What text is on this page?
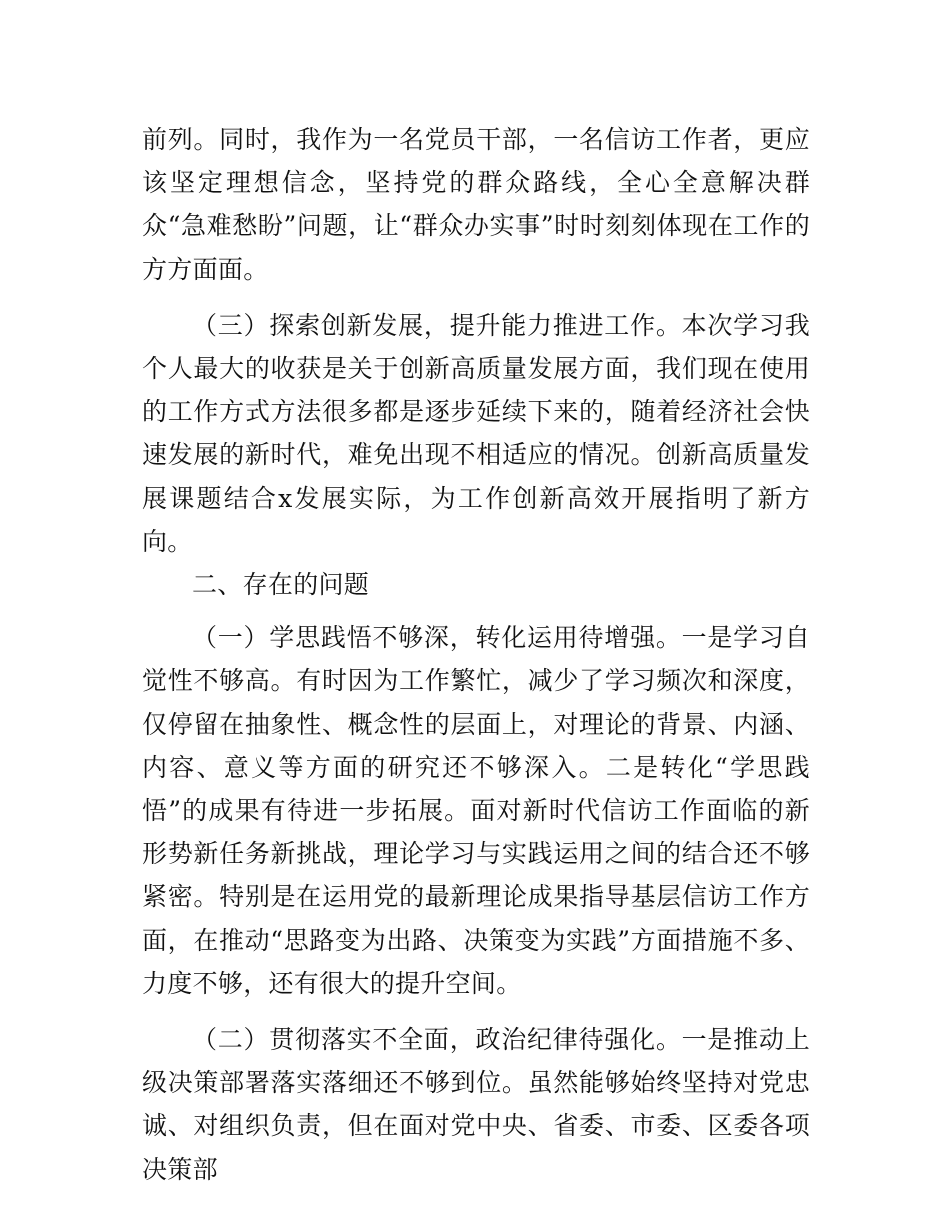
前列。同时，我作为一名党员干部，一名信访工作者，更应该坚定理想信念，坚持党的群众路线，全心全意解决群众“急难愁盼”问题，让“群众办实事”时时刻刻体现在工作的方方面面。

（三）探索创新发展，提升能力推进工作。本次学习我个人最大的收获是关于创新高质量发展方面，我们现在使用的工作方式方法很多都是逐步延续下来的，随着经济社会快速发展的新时代，难免出现不相适应的情况。创新高质量发展课题结合x发展实际，为工作创新高效开展指明了新方向。

二、存在的问题

（一）学思践悟不够深，转化运用待增强。一是学习自觉性不够高。有时因为工作繁忙，减少了学习频次和深度，仅停留在抽象性、概念性的层面上，对理论的背景、内涵、内容、意义等方面的研究还不够深入。二是转化“学思践悟”的成果有待进一步拓展。面对新时代信访工作面临的新形势新任务新挑战，理论学习与实践运用之间的结合还不够紧密。特别是在运用党的最新理论成果指导基层信访工作方面，在推动“思路变为出路、决策变为实践”方面措施不多、力度不够，还有很大的提升空间。

（二）贯彻落实不全面，政治纪律待强化。一是推动上级决策部署落实落细还不够到位。虽然能够始终坚持对党忠诚、对组织负责，但在面对党中央、省委、市委、区委各项决策部
